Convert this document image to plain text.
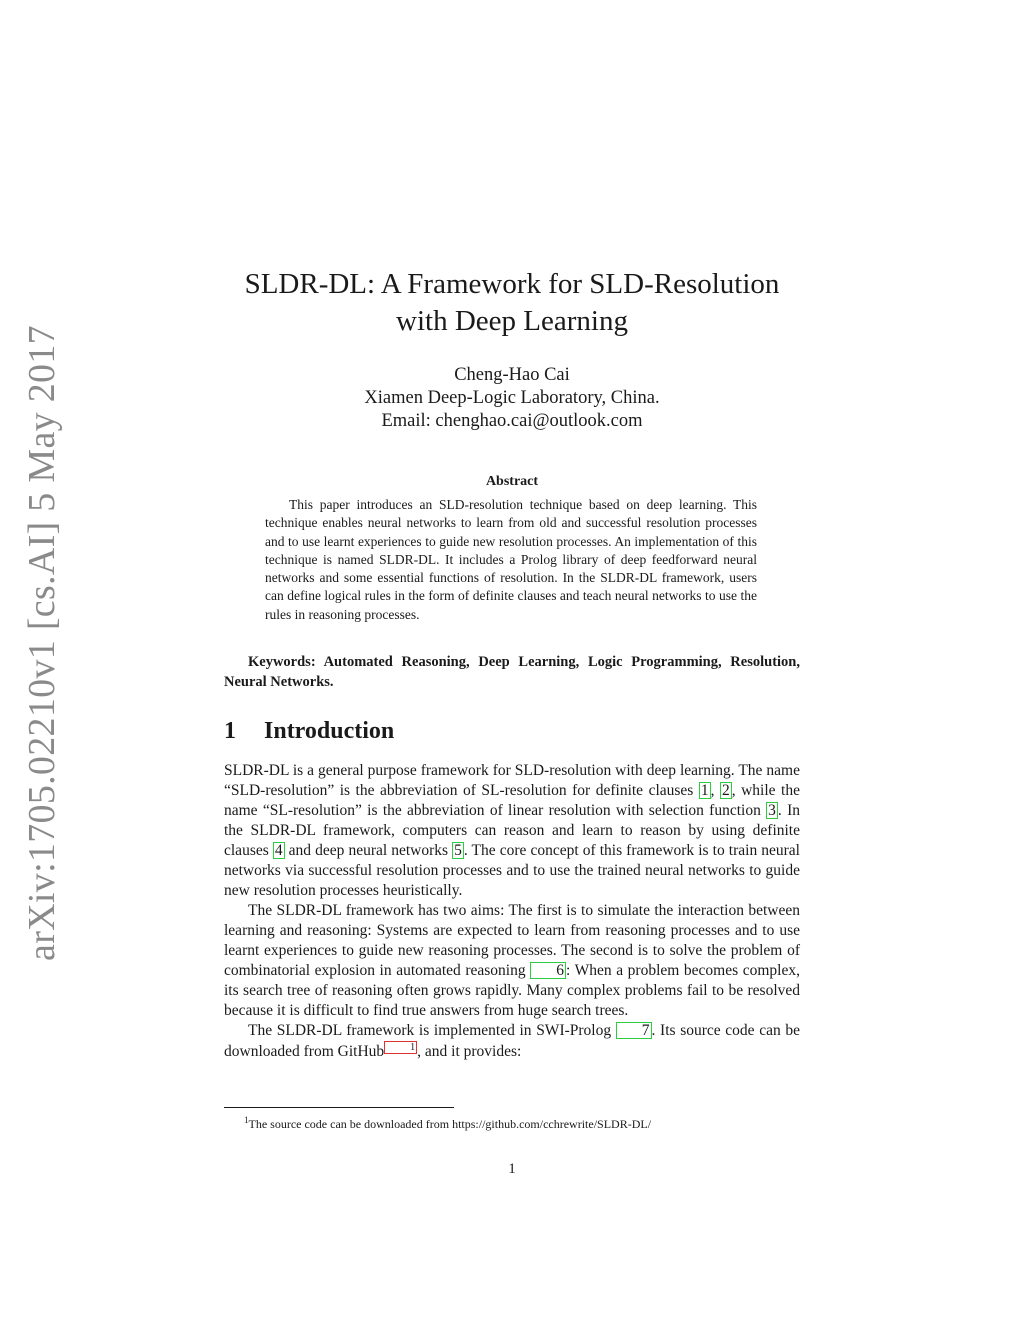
arXiv:1705.02210v1 [cs.AI] 5 May 2017
SLDR-DL: A Framework for SLD-Resolution
with Deep Learning
Cheng-Hao Cai
Xiamen Deep-Logic Laboratory, China.
Email: chenghao.cai@outlook.com
Abstract

This paper introduces an SLD-resolution technique based on deep learning. This technique enables neural networks to learn from old and successful resolution processes and to use learnt experiences to guide new resolution processes. An implementation of this technique is named SLDR-DL. It includes a Prolog library of deep feedforward neural networks and some essential functions of resolution. In the SLDR-DL framework, users can define logical rules in the form of definite clauses and teach neural networks to use the rules in reasoning processes.

Keywords: Automated Reasoning, Deep Learning, Logic Programming, Resolution, Neural Networks.

1 Introduction

SLDR-DL is a general purpose framework for SLD-resolution with deep learning. The name “SLD-resolution” is the abbreviation of SL-resolution for definite clauses 1 , 2 , while the name “SL-resolution” is the abbreviation of linear resolution with selection function 3 . In the SLDR-DL framework, computers can reason and learn to reason by using definite clauses 4 and deep neural networks 5 . The core concept of this framework is to train neural networks via successful resolution processes and to use the trained neural networks to guide new resolution processes heuristically.

The SLDR-DL framework has two aims: The first is to simulate the interaction between learning and reasoning: Systems are expected to learn from reasoning processes and to use learnt experiences to guide new reasoning processes. The second is to solve the problem of combinatorial explosion in automated reasoning 6 : When a problem becomes complex, its search tree of reasoning often grows rapidly. Many complex problems fail to be resolved because it is difficult to find true answers from huge search trees.

The SLDR-DL framework is implemented in SWI-Prolog 7 . Its source code can be downloaded from GitHub	1 , and it provides:

$^1$The source code can be downloaded from https://github.com/cchrewrite/SLDR-DL/

1
